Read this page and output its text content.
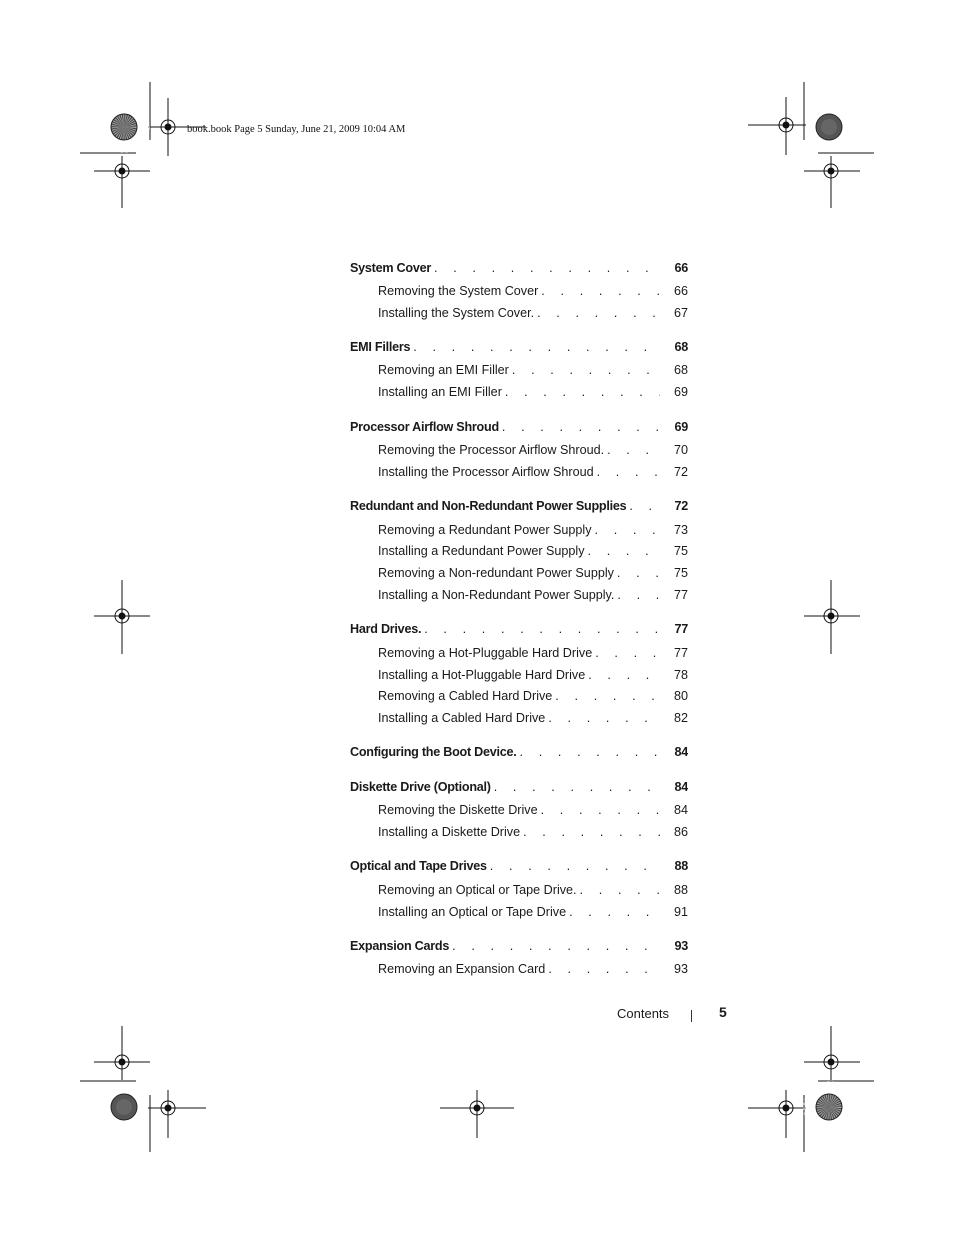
book.book Page 5 Sunday, June 21, 2009 10:04 AM
System Cover . . .	66
Removing the System Cover . . .	66
Installing the System Cover. . . .	67
EMI Fillers . . .	68
Removing an EMI Filler . . .	68
Installing an EMI Filler . . .	69
Processor Airflow Shroud . . .	69
Removing the Processor Airflow Shroud. . . .	70
Installing the Processor Airflow Shroud . . .	72
Redundant and Non-Redundant Power Supplies . . .	72
Removing a Redundant Power Supply . . .	73
Installing a Redundant Power Supply . . .	75
Removing a Non-redundant Power Supply . . .	75
Installing a Non-Redundant Power Supply. . . .	77
Hard Drives. . . .	77
Removing a Hot-Pluggable Hard Drive . . .	77
Installing a Hot-Pluggable Hard Drive . . .	78
Removing a Cabled Hard Drive . . .	80
Installing a Cabled Hard Drive . . .	82
Configuring the Boot Device. . . .	84
Diskette Drive (Optional) . . .	84
Removing the Diskette Drive . . .	84
Installing a Diskette Drive . . .	86
Optical and Tape Drives . . .	88
Removing an Optical or Tape Drive. . . .	88
Installing an Optical or Tape Drive . . .	91
Expansion Cards . . .	93
Removing an Expansion Card . . .	93
Contents	5
